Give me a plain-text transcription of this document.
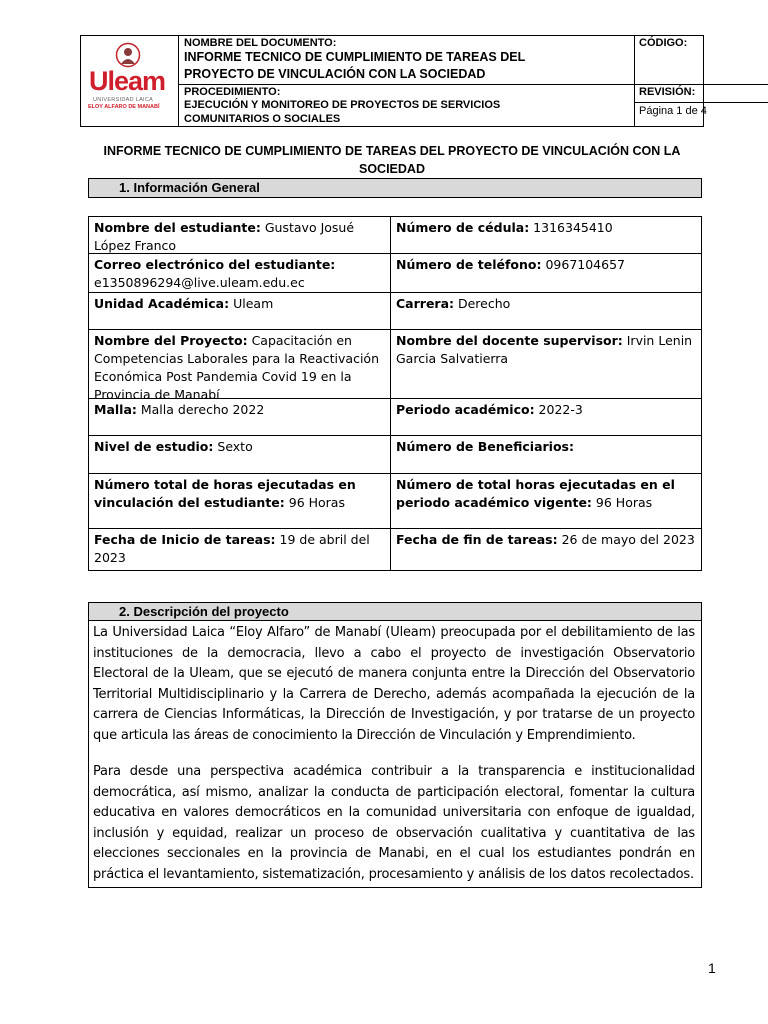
Uleam
UNIVERSIDAD LAICA
ELOY ALFARO DE MANABÍ
NOMBRE DEL DOCUMENTO:
INFORME TECNICO DE CUMPLIMIENTO DE TAREAS DEL
PROYECTO DE VINCULACIÓN CON LA SOCIEDAD
PROCEDIMIENTO:
EJECUCIÓN Y MONITOREO DE PROYECTOS DE SERVICIOS
COMUNITARIOS O SOCIALES
CÓDIGO:
REVISIÓN:
Página 1 de 4
INFORME TECNICO DE CUMPLIMIENTO DE TAREAS DEL PROYECTO DE VINCULACIÓN CON LA
SOCIEDAD
1. Información General
Nombre del estudiante: Gustavo Josué López Franco
Número de cédula: 1316345410
Correo electrónico del estudiante:
e1350896294@live.uleam.edu.ec
Número de teléfono: 0967104657
Unidad Académica: Uleam	Carrera: Derecho
Nombre del Proyecto: Capacitación en Competencias Laborales para la Reactivación Económica Post Pandemia Covid 19 en la Provincia de Manabí
Nombre del docente supervisor: Irvin Lenin Garcia Salvatierra
Malla: Malla derecho 2022	Periodo académico: 2022-3
Nivel de estudio: Sexto	Número de Beneficiarios:
Número total de horas ejecutadas en vinculación del estudiante: 96 Horas
Número de total horas ejecutadas en el periodo académico vigente: 96 Horas
Fecha de Inicio de tareas: 19 de abril del 2023
Fecha de fin de tareas: 26 de mayo del 2023
2. Descripción del proyecto
La Universidad Laica “Eloy Alfaro” de Manabí (Uleam) preocupada por el debilitamiento de las instituciones de la democracia, llevo a cabo el proyecto de investigación Observatorio Electoral de la Uleam, que se ejecutó de manera conjunta entre la Dirección del Observatorio Territorial Multidisciplinario y la Carrera de Derecho, además acompañada la ejecución de la carrera de Ciencias Informáticas, la Dirección de Investigación, y por tratarse de un proyecto que articula las áreas de conocimiento la Dirección de Vinculación y Emprendimiento.
Para desde una perspectiva académica contribuir a la transparencia e institucionalidad democrática, así mismo, analizar la conducta de participación electoral, fomentar la cultura educativa en valores democráticos en la comunidad universitaria con enfoque de igualdad, inclusión y equidad, realizar un proceso de observación cualitativa y cuantitativa de las elecciones seccionales en la provincia de Manabi, en el cual los estudiantes pondrán en práctica el levantamiento, sistematización, procesamiento y análisis de los datos recolectados.
1
